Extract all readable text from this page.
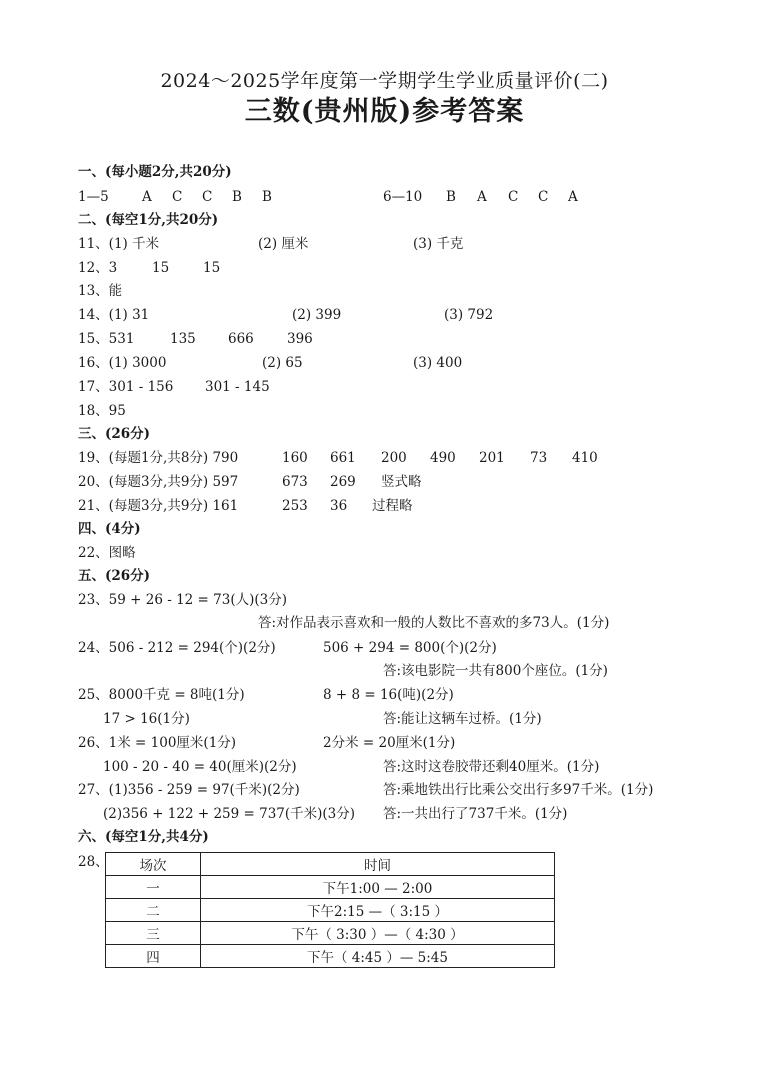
2024～2025学年度第一学期学生学业质量评价(二)
三数(贵州版)参考答案
一、(每小题2分,共20分)
1—5 A C C B B	6—10 B A C C A
二、(每空1分,共20分)
11、(1) 千米	(2) 厘米	(3) 千克
12、3	15	15
13、能
14、(1) 31	(2) 399	(3) 792
15、531	135 666 396
16、(1) 3000	(2) 65	(3) 400
17、301 - 156 301 - 145
18、95
三、(26分)
19、(每题1分,共8分) 790	160 661 200 490 201 73 410
20、(每题3分,共9分) 597	673 269 竖式略
21、(每题3分,共9分) 161	253 36 过程略
四、(4分)
22、图略
五、(26分)
23、59 + 26 - 12 = 73(人)(3分)
答:对作品表示喜欢和一般的人数比不喜欢的多73人。(1分)
24、506 - 212 = 294(个)(2分)	506 + 294 = 800(个)(2分)
答:该电影院一共有800个座位。(1分)
25、8000千克 = 8吨(1分)	8 + 8 = 16(吨)(2分)
17 > 16(1分)	答:能让这辆车过桥。(1分)
26、1米 = 100厘米(1分)	2分米 = 20厘米(1分)
100 - 20 - 40 = 40(厘米)(2分)	答:这时这卷胶带还剩40厘米。(1分)
27、(1)356 - 259 = 97(千米)(2分)	答:乘地铁出行比乘公交出行多97千米。(1分)
(2)356 + 122 + 259 = 737(千米)(3分) 答:一共出行了737千米。(1分)
六、(每空1分,共4分)
28、 场次	时间
一	下午1:00 — 2:00
二	下午2:15 —（ 3:15 ）
三	下午（ 3:30 ）—（ 4:30 ）
四	下午（ 4:45 ）— 5:45
